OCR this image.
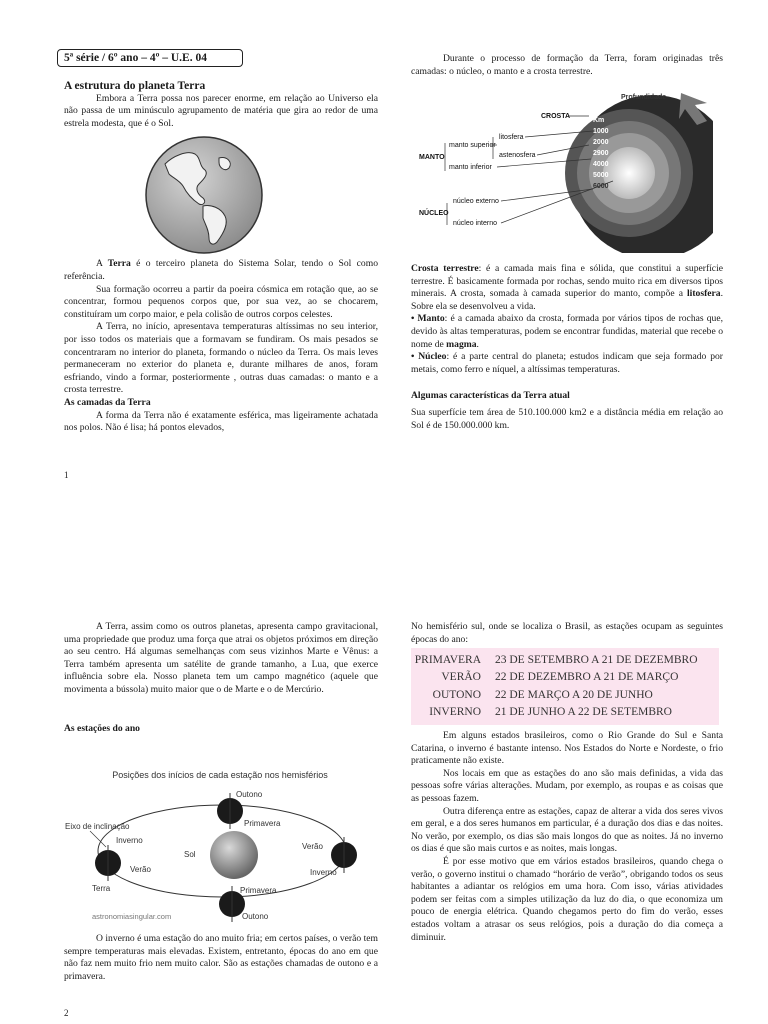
5ª série / 6º ano – 4º – U.E. 04

A estrutura do planeta Terra

Embora a Terra possa nos parecer enorme, em relação ao Universo ela não passa de um minúsculo agrupamento de matéria que gira ao redor de uma estrela modesta, que é o Sol.

A Terra é o terceiro planeta do Sistema Solar, tendo o Sol como referência.

Sua formação ocorreu a partir da poeira cósmica em rotação que, ao se concentrar, formou pequenos corpos que, por sua vez, ao se chocarem, constituíram um corpo maior, e pela colisão de outros corpos celestes.

A Terra, no início, apresentava temperaturas altíssimas no seu interior, por isso todos os materiais que a formavam se fundiram. Os mais pesados se concentraram no interior do planeta, formando o núcleo da Terra. Os mais leves permaneceram no exterior do planeta e, durante milhares de anos, foram esfriando, vindo a formar, posteriormente , outras duas camadas: o manto e a crosta terrestre.

As camadas da Terra

A forma da Terra não é exatamente esférica, mas ligeiramente achatada nos polos. Não é lisa; há pontos elevados,

1

Durante o processo de formação da Terra, foram originadas três camadas: o núcleo, o manto e a crosta terrestre.

Km
1000
2000
2900
4000
5000
6000
Profundidade
CROSTA
litosfera
astenosfera
MANTO
manto superior
manto inferior
NÚCLEO
núcleo externo
núcleo interno

Crosta terrestre: é a camada mais fina e sólida, que constitui a superfície terrestre. É basicamente formada por rochas, sendo muito rica em diversos tipos minerais. A crosta, somada à camada superior do manto, compõe a litosfera. Sobre ela se desenvolveu a vida.

• Manto: é a camada abaixo da crosta, formada por vários tipos de rochas que, devido às altas temperaturas, podem se encontrar fundidas, material que recebe o nome de magma.

• Núcleo: é a parte central do planeta; estudos indicam que seja formado por metais, como ferro e níquel, a altíssimas temperaturas.

Algumas características da Terra atual

Sua superfície tem área de 510.100.000 km2 e a distância média em relação ao Sol é de 150.000.000 km.

A Terra, assim como os outros planetas, apresenta campo gravitacional, uma propriedade que produz uma força que atrai os objetos próximos em direção ao seu centro. Há algumas semelhanças com seus vizinhos Marte e Vênus: a Terra também apresenta um satélite de grande tamanho, a Lua, que exerce influência sobre ela. Nosso planeta tem um campo magnético (aquele que movimenta a bússola) muito maior que o de Marte e o de Mercúrio.

As estações do ano

Posições dos inícios de cada estação nos hemisférios
Eixo de inclinação
Inverno
Verão
Terra
Outono
Primavera
Sol
Verão
Inverno
Primavera
Outono
astronomiasingular.com

O inverno é uma estação do ano muito fria; em certos países, o verão tem sempre temperaturas mais elevadas. Existem, entretanto, épocas do ano em que não faz nem muito frio nem muito calor. São as estações chamadas de outono e a primavera.

2

No hemisfério sul, onde se localiza o Brasil, as estações ocupam as seguintes épocas do ano:

PRIMAVERA	23 DE SETEMBRO A 21 DE DEZEMBRO
VERÃO	22 DE DEZEMBRO A 21 DE MARÇO
OUTONO	22 DE MARÇO A 20 DE JUNHO
INVERNO	21 DE JUNHO A 22 DE SETEMBRO

Em alguns estados brasileiros, como o Rio Grande do Sul e Santa Catarina, o inverno é bastante intenso. Nos Estados do Norte e Nordeste, o frio praticamente não existe.

Nos locais em que as estações do ano são mais definidas, a vida das pessoas sofre várias alterações. Mudam, por exemplo, as roupas e as coisas que as pessoas fazem.

Outra diferença entre as estações, capaz de alterar a vida dos seres vivos em geral, e a dos seres humanos em particular, é a duração dos dias e das noites. No verão, por exemplo, os dias são mais longos do que as noites. Já no inverno os dias é que são mais curtos e as noites, mais longas.

É por esse motivo que em vários estados brasileiros, quando chega o verão, o governo institui o chamado “horário de verão”, obrigando todos os seus habitantes a adiantar os relógios em uma hora. Com isso, várias atividades podem ser feitas com a simples utilização da luz do dia, o que economiza um pouco de energia elétrica. Quando chegamos perto do fim do verão, esses estados voltam a atrasar os seus relógios, pois a duração do dia começa a diminuir.
